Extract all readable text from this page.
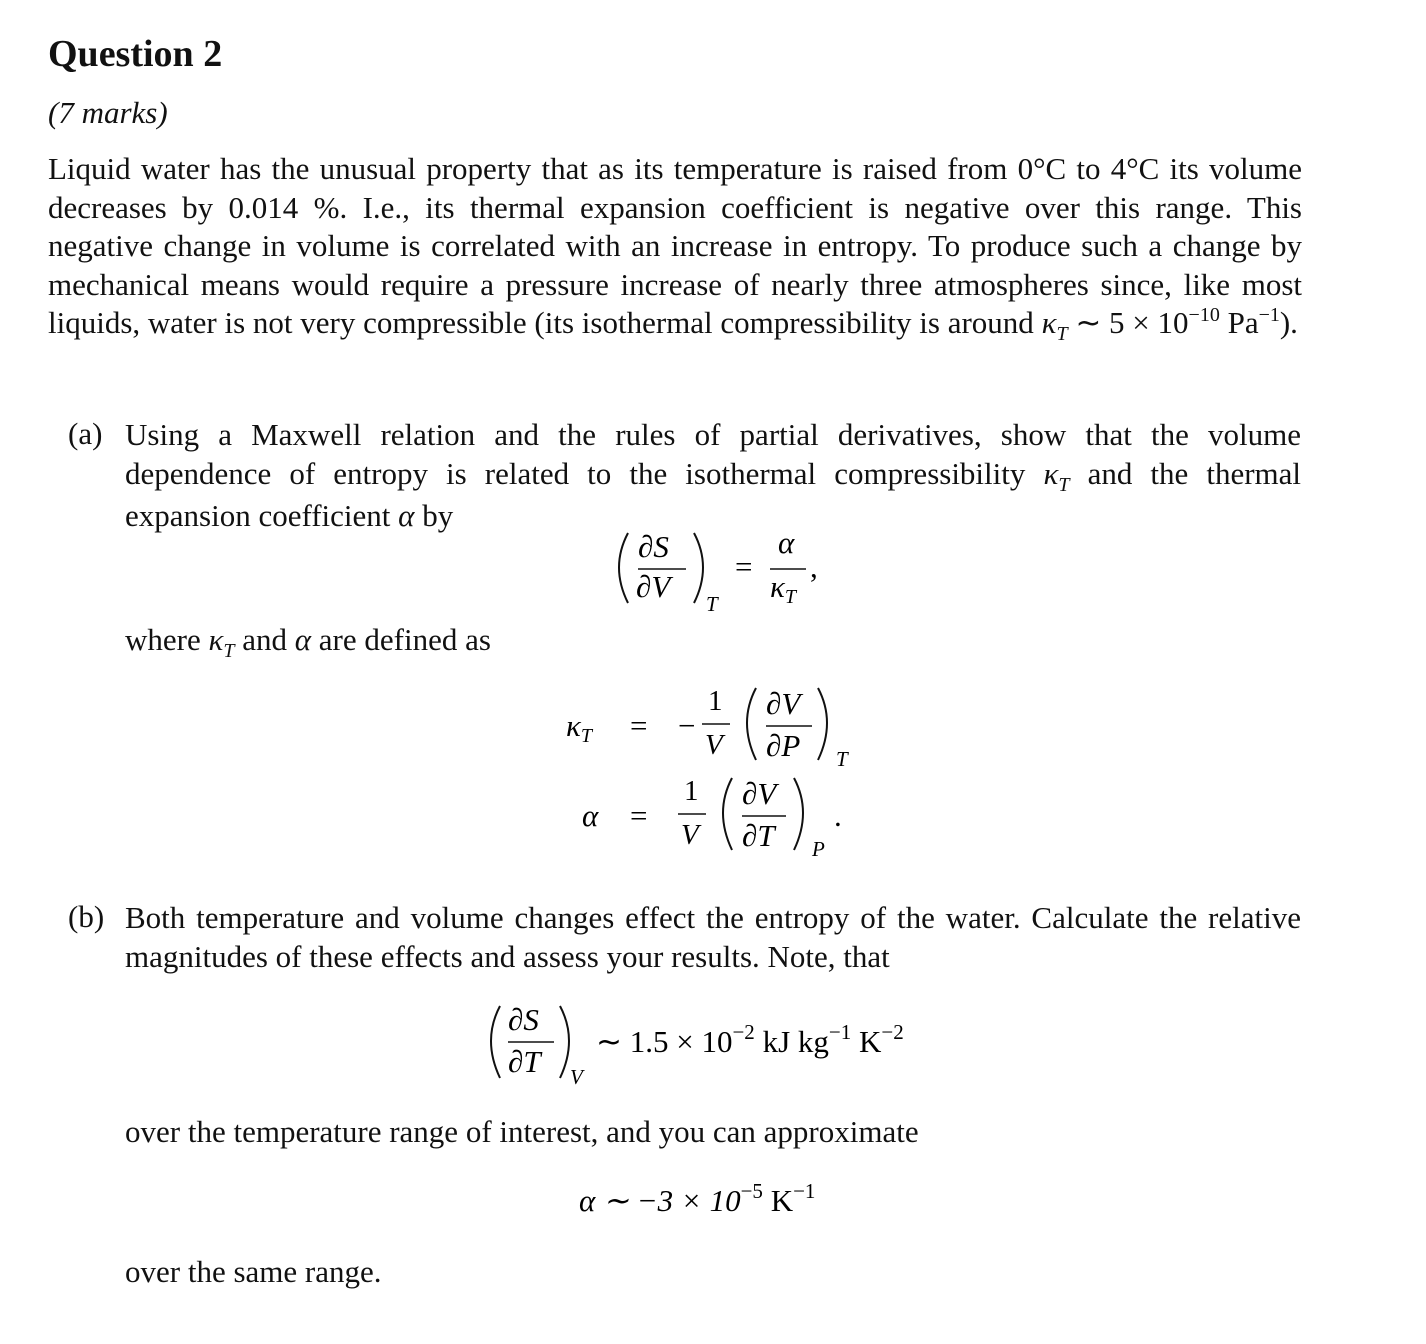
Question 2
(7 marks)
Liquid water has the unusual property that as its temperature is raised from 0°C to 4°C its volume decreases by 0.014 %. I.e., its thermal expansion coefficient is negative over this range. This negative change in volume is correlated with an increase in entropy. To produce such a change by mechanical means would require a pressure increase of nearly three atmospheres since, like most liquids, water is not very compressible (its isothermal compressibility is around $\kappa_T$ ∼ $5 \times 10^{-10}$ $Pa^{-1}$).
(a) Using a Maxwell relation and the rules of partial derivatives, show that the volume dependence of entropy is related to the isothermal compressibility $\kappa_T$ and the thermal expansion coefficient α by
∂S
∂V T
=
α
κT
,
where $\kappa_T$ and α are defined as
κT = −
1
V
∂V
∂P T
α =
1
V
∂V
∂T P
.
(b) Both temperature and volume changes effect the entropy of the water. Calculate the relative magnitudes of these effects and assess your results. Note, that
∂S
∂T V
∼ $1.5 \times 10^{-2}$ kJ $kg^{-1}$ $K^{-2}$
over the temperature range of interest, and you can approximate
α ∼ $-3 \times 10^{-5}$ $K^{-1}$
over the same range.
